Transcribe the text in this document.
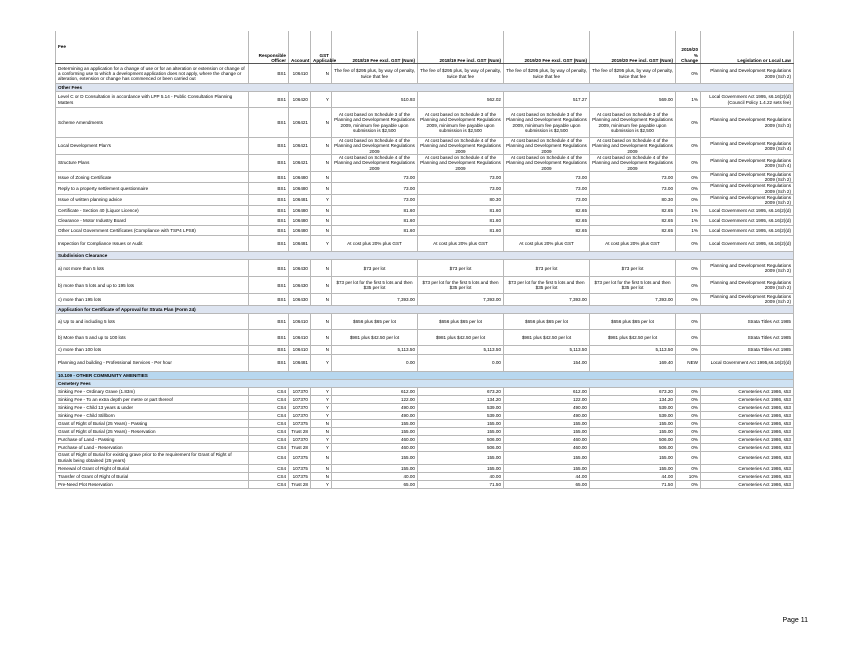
Fee	Responsible Officer	Account	GST Applicable	2018/19 Fee excl. GST (Num)	2018/19 Fee incl. GST (Num)	2019/20 Fee excl. GST (Num)	2019/20 Fee incl. GST (Num)	2019/20 % Change	Legislation or Local Law
Determining an application for a change of use or for an alteration or extension or change of a conforming use to which a development application does not apply, where the change or alteration, extension or change has commenced or been carried out	BS1	106410	N	The fee of $295 plus, by way of penalty, twice that fee	The fee of $295 plus, by way of penalty, twice that fee	The fee of $295 plus, by way of penalty, twice that fee	The fee of $295 plus, by way of penalty, twice that fee	0%	Planning and Development Regulations 2009 (Sch 2)
Other Fees									
Level C or D Consultation in accordance with LPP 5.14 - Public Consultation Planning Matters	BS1	106420	Y	510.93	562.02	517.27	569.00	1%	Local Government Act 1995, s6.16(2)(d) (Council Policy 1.4.22 sets fee)
Scheme Amendments	BS1	106421	N	At cost based on Schedule 3 of the Planning and Development Regulations 2009, minimum fee payable upon submission is $2,500	At cost based on Schedule 3 of the Planning and Development Regulations 2009, minimum fee payable upon submission is $2,500	At cost based on Schedule 3 of the Planning and Development Regulations 2009, minimum fee payable upon submission is $2,500	At cost based on Schedule 3 of the Planning and Development Regulations 2009, minimum fee payable upon submission is $2,500	0%	Planning and Development Regulations 2009 (Sch 3)
Local Development Plan's	BS1	106421	N	At cost based on Schedule 4 of the Planning and Development Regulations 2009	At cost based on Schedule 4 of the Planning and Development Regulations 2009	At cost based on Schedule 4 of the Planning and Development Regulations 2009	At cost based on Schedule 4 of the Planning and Development Regulations 2009	0%	Planning and Development Regulations 2009 (Sch 4)
Structure Plans	BS1	106421	N	At cost based on Schedule 4 of the Planning and Development Regulations 2009	At cost based on Schedule 4 of the Planning and Development Regulations 2009	At cost based on Schedule 4 of the Planning and Development Regulations 2009	At cost based on Schedule 4 of the Planning and Development Regulations 2009	0%	Planning and Development Regulations 2009 (Sch 4)
Issue of Zoning Certificate	BS1	106480	N	73.00	73.00	73.00	73.00	0%	Planning and Development Regulations 2009 (Sch 2)
Reply to a property settlement questionnaire	BS1	106480	N	73.00	73.00	73.00	73.00	0%	Planning and Development Regulations 2009 (Sch 2)
Issue of written planning advice	BS1	106481	Y	73.00	80.30	73.00	80.30	0%	Planning and Development Regulations 2009 (Sch 2)
Certificate - Section 40 (Liquor Licence)	BS1	106480	N	81.60	81.60	82.65	82.65	1%	Local Government Act 1995, s6.16(2)(d)
Clearance - Motor Industry Board	BS1	106480	N	81.60	81.60	82.65	82.65	1%	Local Government Act 1995, s6.16(2)(d)
Other Local Government Certificates (Compliance with TSP4 LPS8)	BS1	106480	N	81.60	81.60	82.65	82.65	1%	Local Government Act 1995, s6.16(2)(d)
Inspection for Compliance Issues or Audit	BS1	106481	Y	At cost plus 20% plus GST	At cost plus 20% plus GST	At cost plus 20% plus GST	At cost plus 20% plus GST	0%	Local Government Act 1995, s6.16(2)(d)
Subdivision Clearance									
a) not more than 5 lots	BS1	106430	N	$73 per lot	$73 per lot	$73 per lot	$73 per lot	0%	Planning and Development Regulations 2009 (Sch 2)
b) more than 5 lots and up to 195 lots	BS1	106430	N	$73 per lot for the first 5 lots and then $35 per lot	$73 per lot for the first 5 lots and then $35 per lot	$73 per lot for the first 5 lots and then $35 per lot	$73 per lot for the first 5 lots and then $35 per lot	0%	Planning and Development Regulations 2009 (Sch 2)
c) more than 195 lots	BS1	106430	N	7,393.00	7,393.00	7,393.00	7,393.00	0%	Planning and Development Regulations 2009 (Sch 2)
Application for Certificate of Approval for Strata Plan (Form 24)									
a) Up to and including 5 lots	BS1	106410	N	$656 plus $65 per lot	$656 plus $65 per lot	$656 plus $65 per lot	$656 plus $65 per lot	0%	Strata Titles Act 1985
b) More than 5 and up to 100 lots	BS1	106410	N	$981 plus $42.50 per lot	$981 plus $42.50 per lot	$981 plus $42.50 per lot	$981 plus $42.50 per lot	0%	Strata Titles Act 1985
c) more than 100 lots	BS1	106410	N	5,113.50	5,113.50	5,113.50	5,113.50	0%	Strata Titles Act 1985
Planning and building - Professional Services - Per hour	BS1	106481	Y	0.00	0.00	154.00	169.40	NEW	Local Government Act 1995,s6.16(2)(d)
10.109 - OTHER COMMUNITY AMENITIES									
Cemetery Fees									
Sinking Fee - Ordinary Grave (1.83m)	CS4	107370	Y	612.00	673.20	612.00	673.20	0%	Cemeteries Act 1986, s53
Sinking Fee - To an extra depth per metre or part thereof	CS4	107370	Y	122.00	134.20	122.00	134.20	0%	Cemeteries Act 1986, s53
Sinking Fee - Child 13 years & under	CS4	107370	Y	490.00	539.00	490.00	539.00	0%	Cemeteries Act 1986, s53
Sinking Fee - Child Stillborn	CS4	107370	Y	490.00	539.00	490.00	539.00	0%	Cemeteries Act 1986, s53
Grant of Right of Burial (25 Years) - Passing	CS4	107375	N	155.00	155.00	155.00	155.00	0%	Cemeteries Act 1986, s53
Grant of Right of Burial (25 Years) - Reservation	CS4	Trust 28	N	155.00	155.00	155.00	155.00	0%	Cemeteries Act 1986, s53
Purchase of Land - Passing	CS4	107370	Y	460.00	506.00	460.00	506.00	0%	Cemeteries Act 1986, s53
Purchase of Land - Reservation	CS4	Trust 28	Y	460.00	506.00	460.00	506.00	0%	Cemeteries Act 1986, s53
Grant of Right of Burial for existing grave prior to the requirement for Grant of Right of Burials being obtained (25 years)	CS4	107375	N	155.00	155.00	155.00	155.00	0%	Cemeteries Act 1986, s53
Renewal of Grant of Right of Burial	CS4	107375	N	155.00	155.00	155.00	155.00	0%	Cemeteries Act 1986, s53
Transfer of Grant of Right of Burial	CS4	107375	N	40.00	40.00	44.00	44.00	10%	Cemeteries Act 1986, s53
Pre-Need Plot Reservation	CS4	Trust 28	Y	65.00	71.50	65.00	71.50	0%	Cemeteries Act 1986, s53
Page 11
